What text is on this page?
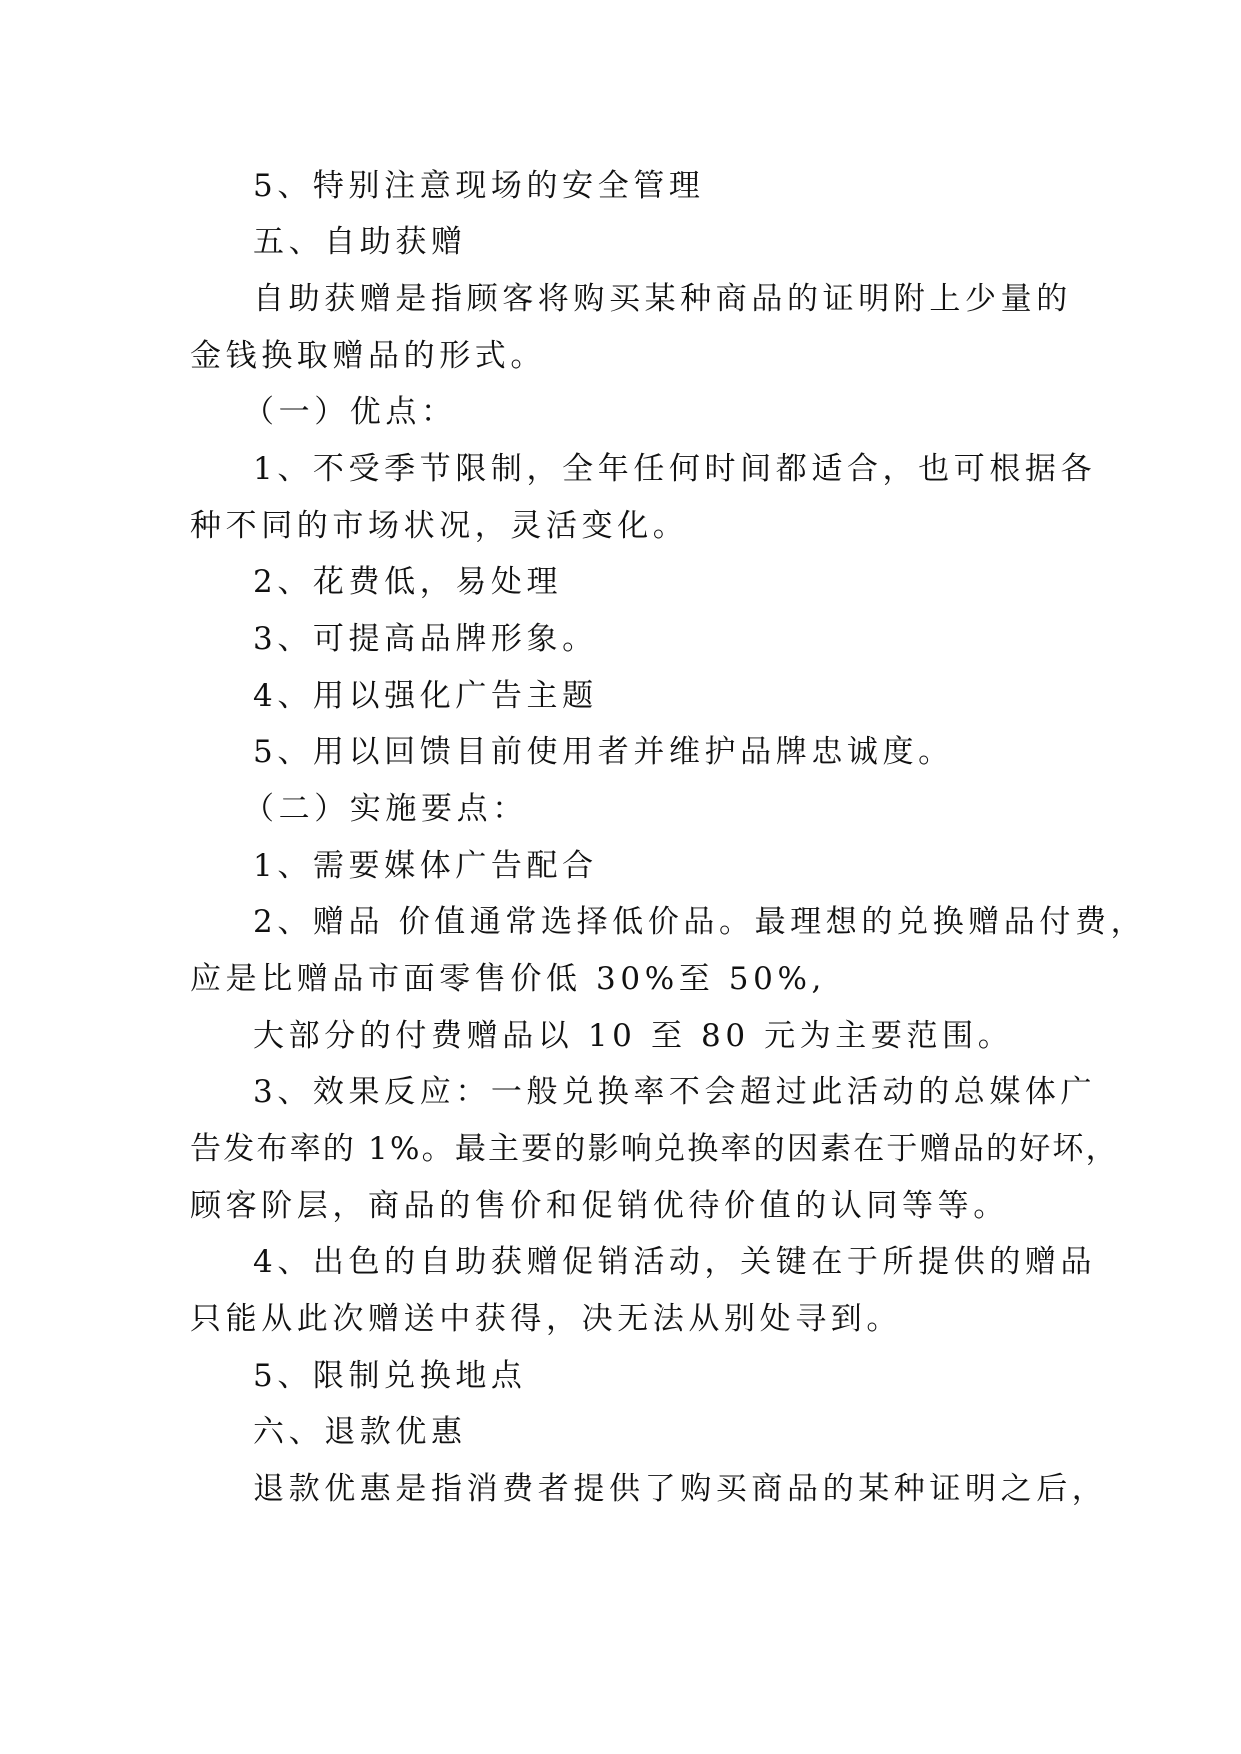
5、特别注意现场的安全管理
五、自助获赠
自助获赠是指顾客将购买某种商品的证明附上少量的
金钱换取赠品的形式。
（一）优点：
1、不受季节限制，全年任何时间都适合，也可根据各
种不同的市场状况，灵活变化。
2、花费低，易处理
3、可提高品牌形象。
4、用以强化广告主题
5、用以回馈目前使用者并维护品牌忠诚度。
（二）实施要点：
1、需要媒体广告配合
2、赠品 价值通常选择低价品。最理想的兑换赠品付费，
应是比赠品市面零售价低 30%至 50%,
大部分的付费赠品以 10 至 80 元为主要范围。
3、效果反应：一般兑换率不会超过此活动的总媒体广
告发布率的 1%。最主要的影响兑换率的因素在于赠品的好坏，
顾客阶层，商品的售价和促销优待价值的认同等等。
4、出色的自助获赠促销活动，关键在于所提供的赠品
只能从此次赠送中获得，决无法从别处寻到。
5、限制兑换地点
六、退款优惠
退款优惠是指消费者提供了购买商品的某种证明之后，
